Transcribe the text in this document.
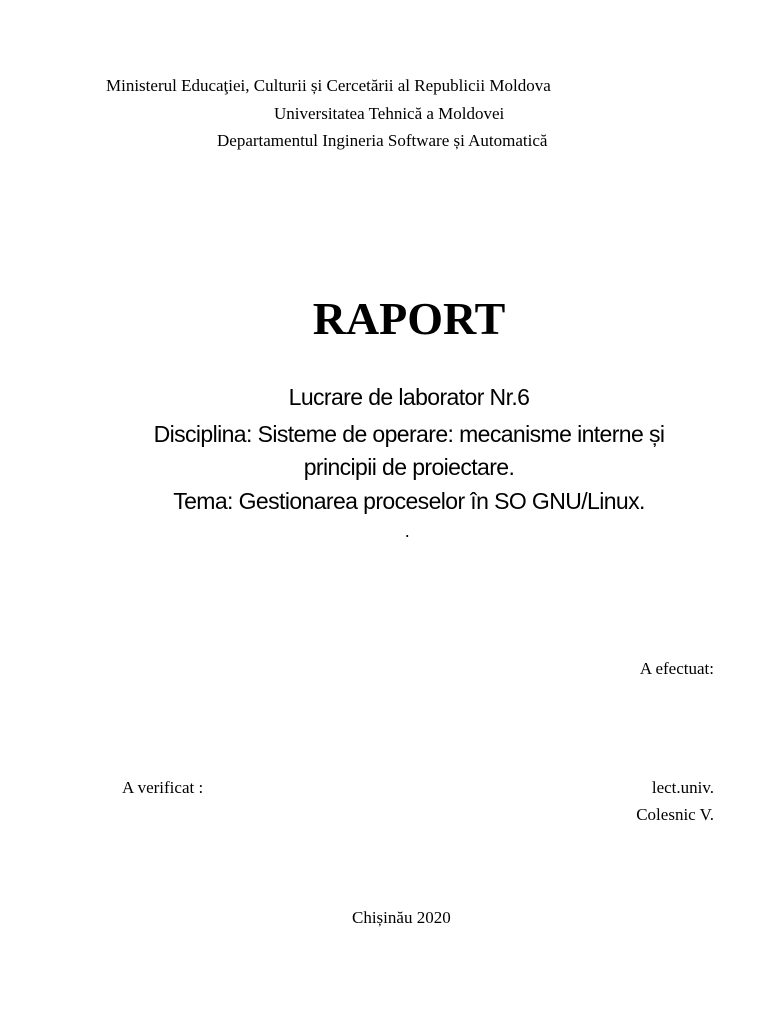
Ministerul Educaţiei, Culturii și Cercetării al Republicii Moldova
Universitatea Tehnică a Moldovei
Departamentul Ingineria Software și Automatică
RAPORT
Lucrare de laborator Nr.6
Disciplina: Sisteme de operare: mecanisme interne și
principii de proiectare.
Tema: Gestionarea proceselor în SO GNU/Linux.
.
A efectuat:
A verificat :	lect.univ.
Colesnic V.
Chișinău 2020
